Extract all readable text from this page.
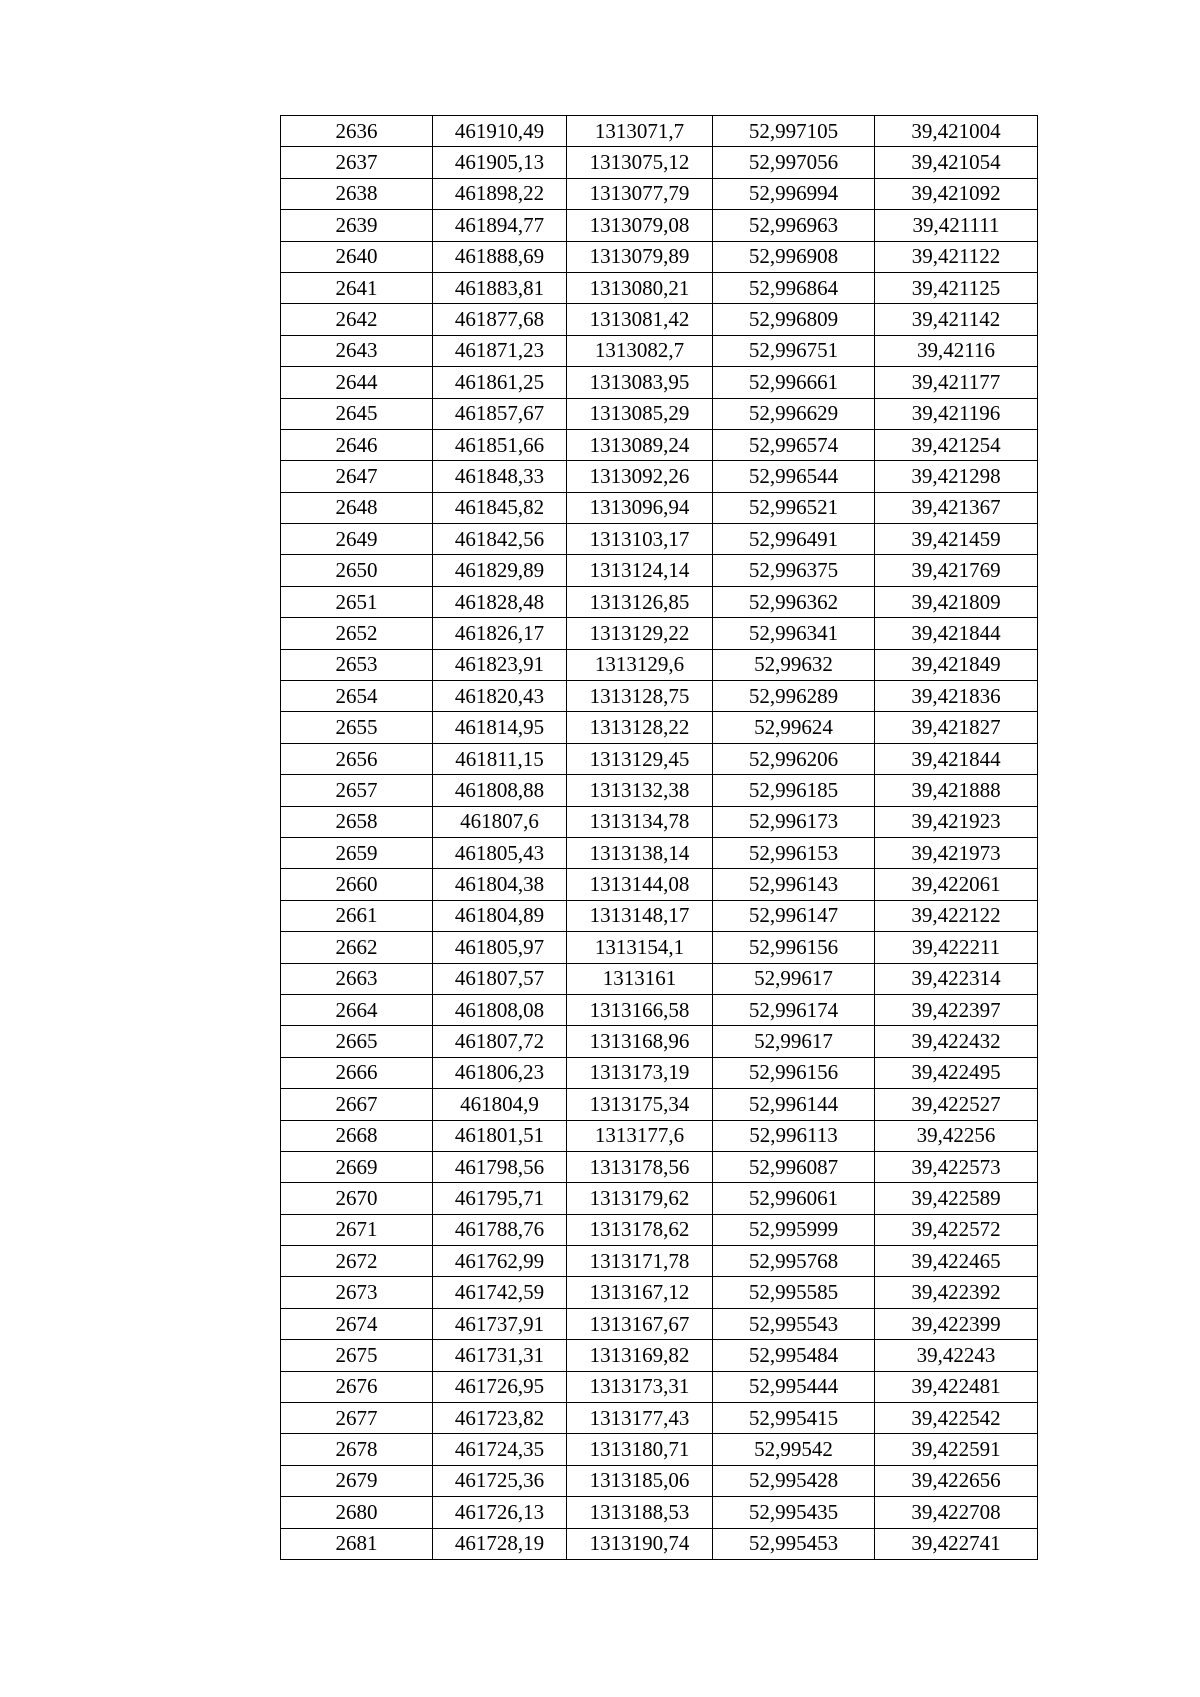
2636	461910,49	1313071,7	52,997105	39,421004
2637	461905,13	1313075,12	52,997056	39,421054
2638	461898,22	1313077,79	52,996994	39,421092
2639	461894,77	1313079,08	52,996963	39,421111
2640	461888,69	1313079,89	52,996908	39,421122
2641	461883,81	1313080,21	52,996864	39,421125
2642	461877,68	1313081,42	52,996809	39,421142
2643	461871,23	1313082,7	52,996751	39,42116
2644	461861,25	1313083,95	52,996661	39,421177
2645	461857,67	1313085,29	52,996629	39,421196
2646	461851,66	1313089,24	52,996574	39,421254
2647	461848,33	1313092,26	52,996544	39,421298
2648	461845,82	1313096,94	52,996521	39,421367
2649	461842,56	1313103,17	52,996491	39,421459
2650	461829,89	1313124,14	52,996375	39,421769
2651	461828,48	1313126,85	52,996362	39,421809
2652	461826,17	1313129,22	52,996341	39,421844
2653	461823,91	1313129,6	52,99632	39,421849
2654	461820,43	1313128,75	52,996289	39,421836
2655	461814,95	1313128,22	52,99624	39,421827
2656	461811,15	1313129,45	52,996206	39,421844
2657	461808,88	1313132,38	52,996185	39,421888
2658	461807,6	1313134,78	52,996173	39,421923
2659	461805,43	1313138,14	52,996153	39,421973
2660	461804,38	1313144,08	52,996143	39,422061
2661	461804,89	1313148,17	52,996147	39,422122
2662	461805,97	1313154,1	52,996156	39,422211
2663	461807,57	1313161	52,99617	39,422314
2664	461808,08	1313166,58	52,996174	39,422397
2665	461807,72	1313168,96	52,99617	39,422432
2666	461806,23	1313173,19	52,996156	39,422495
2667	461804,9	1313175,34	52,996144	39,422527
2668	461801,51	1313177,6	52,996113	39,42256
2669	461798,56	1313178,56	52,996087	39,422573
2670	461795,71	1313179,62	52,996061	39,422589
2671	461788,76	1313178,62	52,995999	39,422572
2672	461762,99	1313171,78	52,995768	39,422465
2673	461742,59	1313167,12	52,995585	39,422392
2674	461737,91	1313167,67	52,995543	39,422399
2675	461731,31	1313169,82	52,995484	39,42243
2676	461726,95	1313173,31	52,995444	39,422481
2677	461723,82	1313177,43	52,995415	39,422542
2678	461724,35	1313180,71	52,99542	39,422591
2679	461725,36	1313185,06	52,995428	39,422656
2680	461726,13	1313188,53	52,995435	39,422708
2681	461728,19	1313190,74	52,995453	39,422741
